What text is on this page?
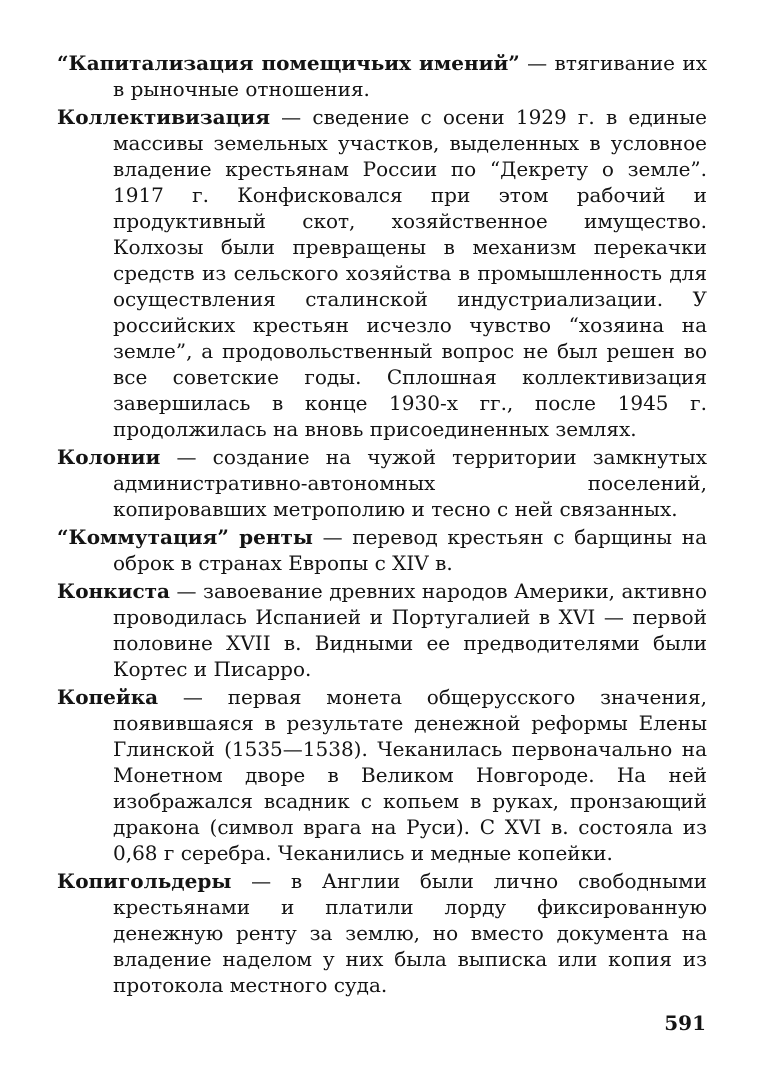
“Капитализация помещичьих имений” — втягивание их в рыночные отношения.

Коллективизация — сведение с осени 1929 г. в единые массивы земельных участков, выделенных в условное владение крестьянам России по “Декрету о земле”. 1917 г. Конфисковался при этом рабочий и продуктивный скот, хозяйственное имущество. Колхозы были превращены в механизм перекачки средств из сельского хозяйства в промышленность для осуществления сталинской индустриализации. У российских крестьян исчезло чувство “хозяина на земле”, а продовольственный вопрос не был решен во все советские годы. Сплошная коллективизация завершилась в конце 1930-х гг., после 1945 г. продолжилась на вновь присоединенных землях.

Колонии — создание на чужой территории замкнутых административно-автономных поселений, копировавших метрополию и тесно с ней связанных.

“Коммутация” ренты — перевод крестьян с барщины на оброк в странах Европы с XIV в.

Конкиста — завоевание древних народов Америки, активно проводилась Испанией и Португалией в XVI — первой половине XVII в. Видными ее предводителями были Кортес и Писарро.

Копейка — первая монета общерусского значения, появившаяся в результате денежной реформы Елены Глинской (1535—1538). Чеканилась первоначально на Монетном дворе в Великом Новгороде. На ней изображался всадник с копьем в руках, пронзающий дракона (символ врага на Руси). С XVI в. состояла из 0,68 г серебра. Чеканились и медные копейки.

Копигольдеры — в Англии были лично свободными крестьянами и платили лорду фиксированную денежную ренту за землю, но вместо документа на владение наделом у них была выписка или копия из протокола местного суда.

591
